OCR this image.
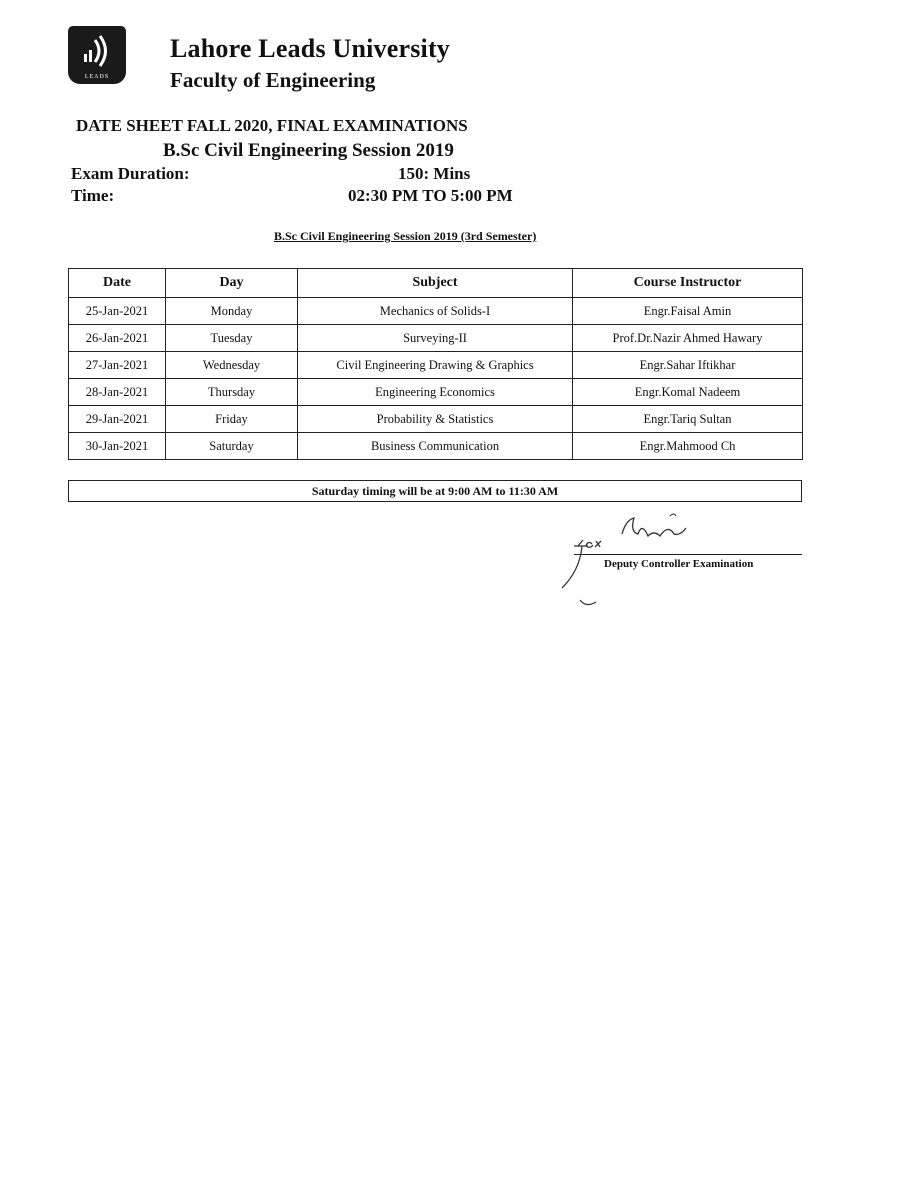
LEADS
Lahore Leads University
Faculty of Engineering
DATE SHEET FALL 2020, FINAL EXAMINATIONS
B.Sc Civil Engineering Session 2019
Exam Duration:	150: Mins
Time:	02:30 PM TO 5:00 PM
B.Sc Civil Engineering Session 2019 (3rd Semester)
Date	Day	Subject	Course Instructor
25-Jan-2021	Monday	Mechanics of Solids-I	Engr.Faisal Amin
26-Jan-2021	Tuesday	Surveying-II	Prof.Dr.Nazir Ahmed Hawary
27-Jan-2021	Wednesday	Civil Engineering Drawing & Graphics	Engr.Sahar Iftikhar
28-Jan-2021	Thursday	Engineering Economics	Engr.Komal Nadeem
29-Jan-2021	Friday	Probability & Statistics	Engr.Tariq Sultan
30-Jan-2021	Saturday	Business Communication	Engr.Mahmood Ch
Saturday timing will be at 9:00 AM to 11:30 AM
Deputy Controller Examination
